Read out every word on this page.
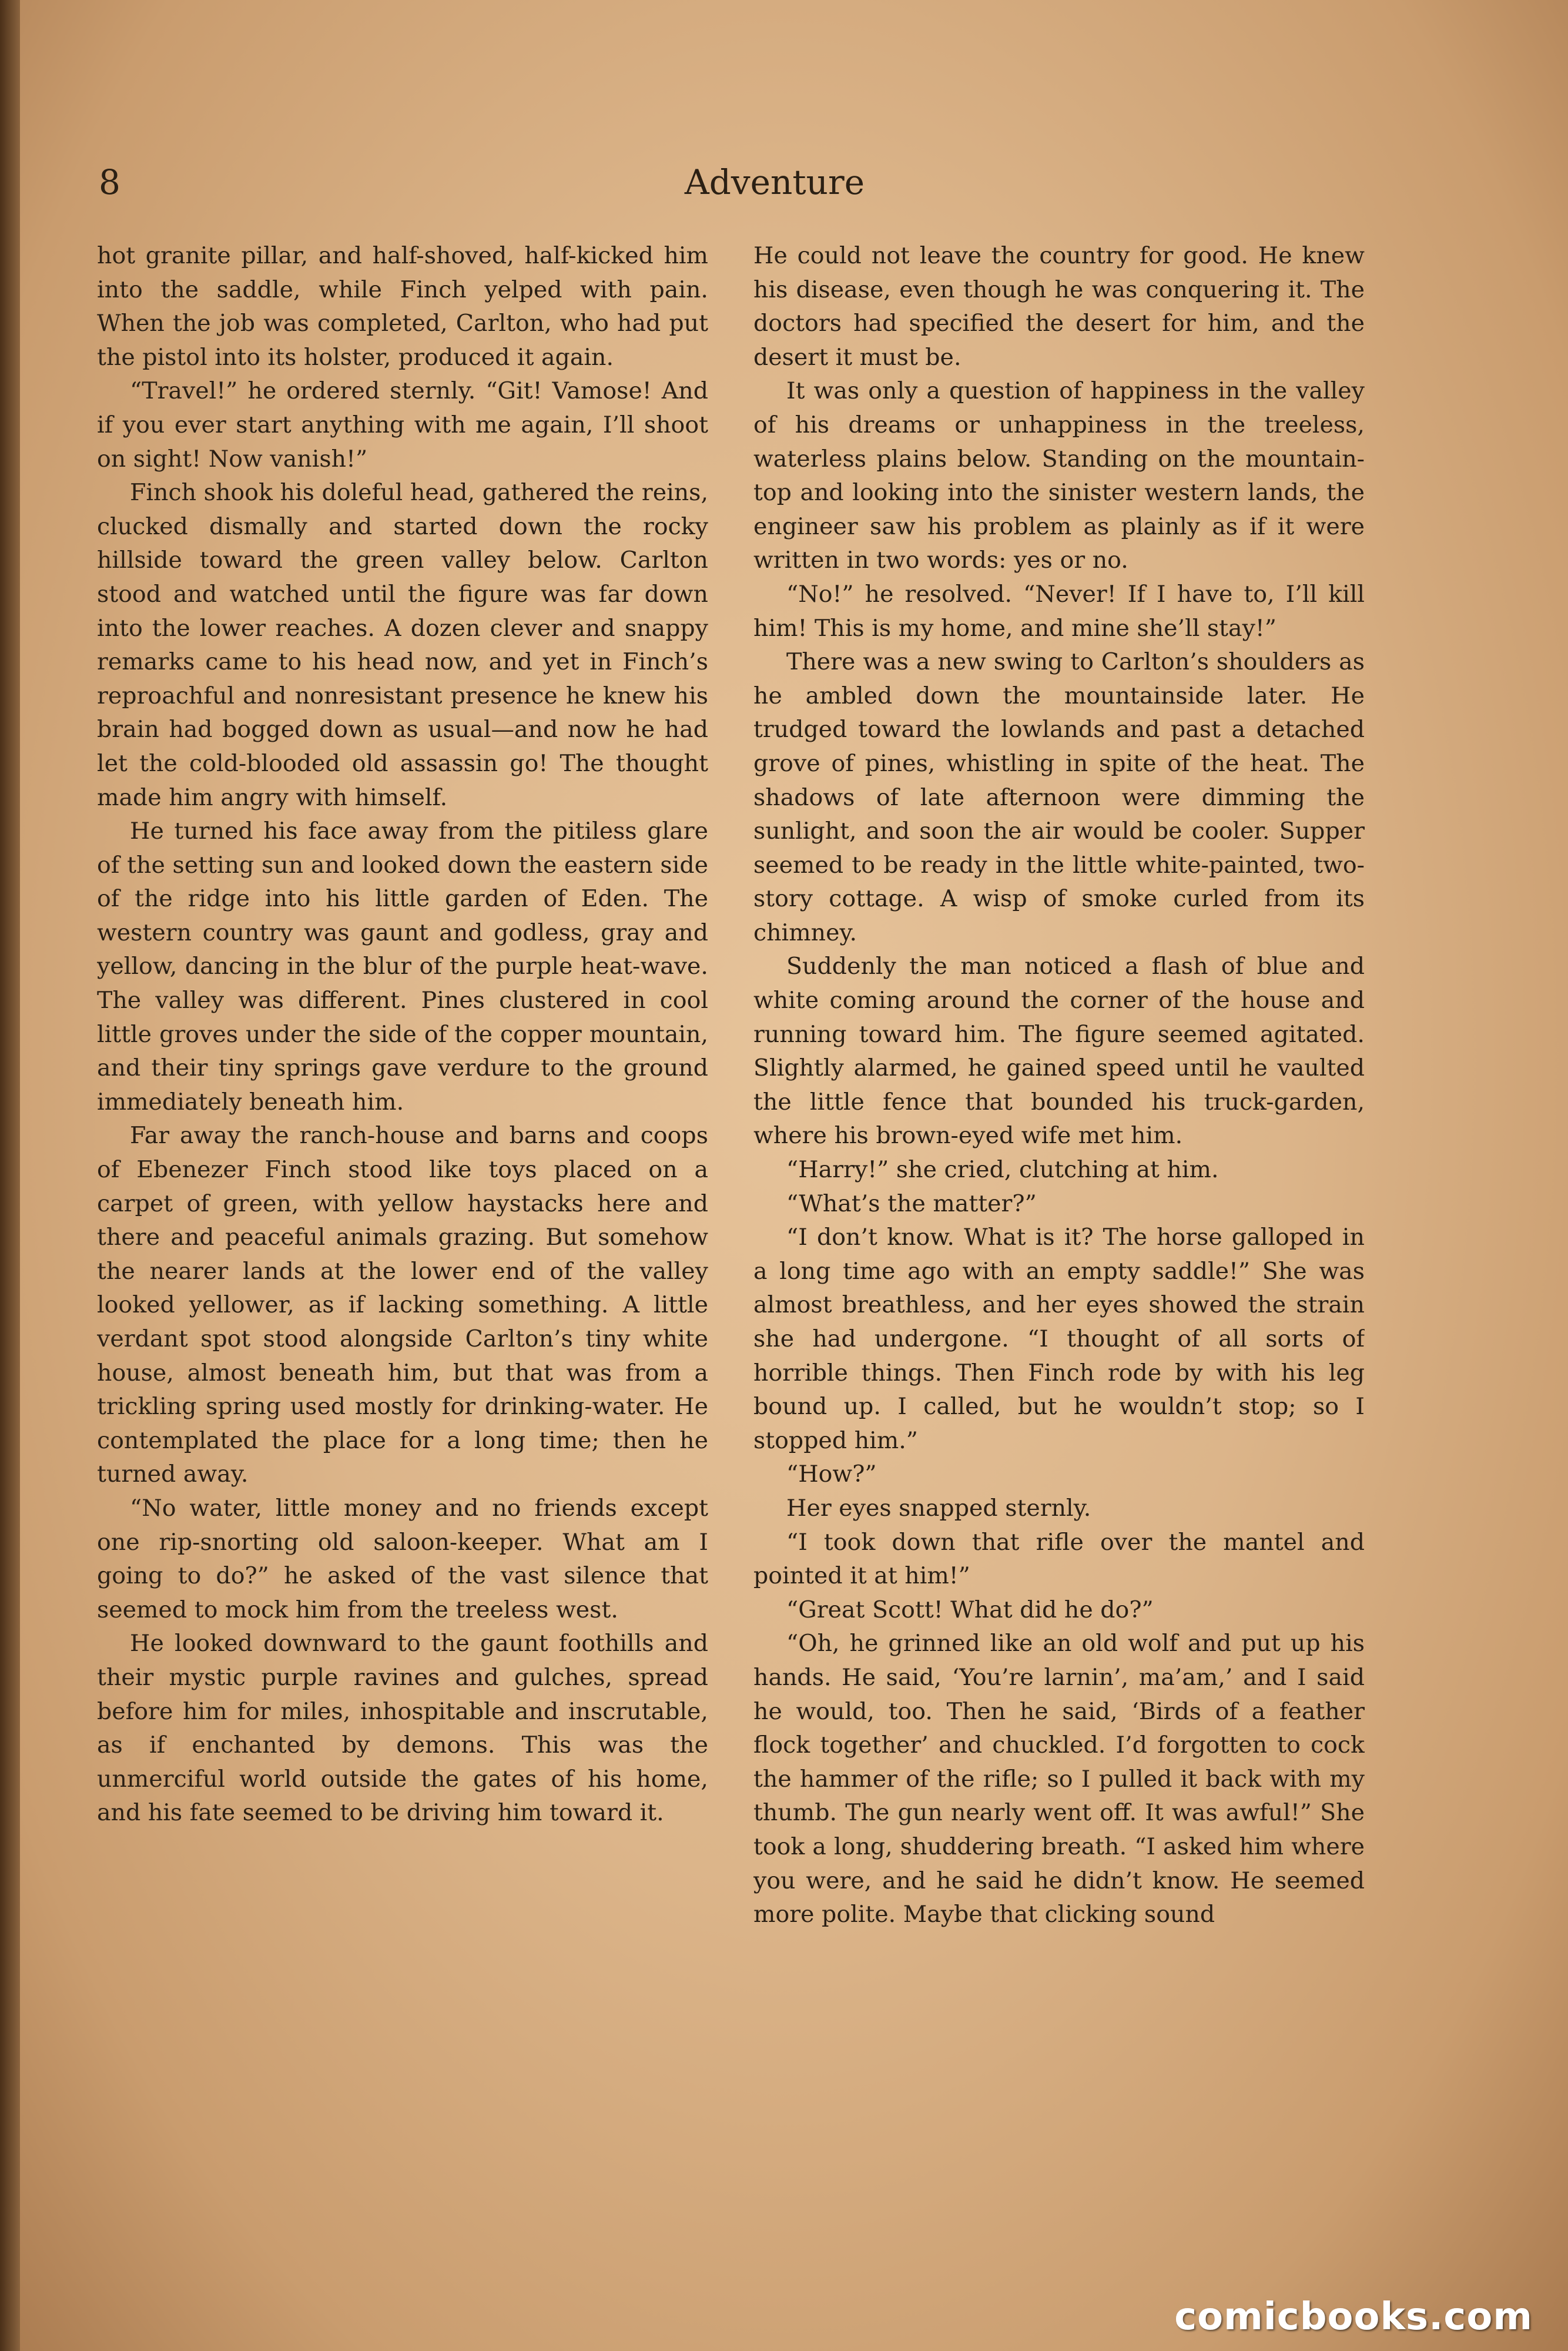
8	Adventure

hot granite pillar, and half-shoved, half-kicked him into the saddle, while Finch yelped with pain. When the job was completed, Carlton, who had put the pistol into its holster, produced it again.

“Travel!” he ordered sternly. “Git! Vamose! And if you ever start anything with me again, I’ll shoot on sight! Now vanish!”

Finch shook his doleful head, gathered the reins, clucked dismally and started down the rocky hillside toward the green valley below. Carlton stood and watched until the figure was far down into the lower reaches. A dozen clever and snappy remarks came to his head now, and yet in Finch’s reproachful and nonresistant presence he knew his brain had bogged down as usual—and now he had let the cold-blooded old assassin go! The thought made him angry with himself.

He turned his face away from the pitiless glare of the setting sun and looked down the eastern side of the ridge into his little garden of Eden. The western country was gaunt and godless, gray and yellow, dancing in the blur of the purple heat-wave. The valley was different. Pines clustered in cool little groves under the side of the copper mountain, and their tiny springs gave verdure to the ground immediately beneath him.

Far away the ranch-house and barns and coops of Ebenezer Finch stood like toys placed on a carpet of green, with yellow haystacks here and there and peaceful animals grazing. But somehow the nearer lands at the lower end of the valley looked yellower, as if lacking something. A little verdant spot stood alongside Carlton’s tiny white house, almost beneath him, but that was from a trickling spring used mostly for drinking-water. He contemplated the place for a long time; then he turned away.

“No water, little money and no friends except one rip-snorting old saloon-keeper. What am I going to do?” he asked of the vast silence that seemed to mock him from the treeless west.

He looked downward to the gaunt foothills and their mystic purple ravines and gulches, spread before him for miles, inhospitable and inscrutable, as if enchanted by demons. This was the unmerciful world outside the gates of his home, and his fate seemed to be driving him toward it.

He could not leave the country for good. He knew his disease, even though he was conquering it. The doctors had specified the desert for him, and the desert it must be.

It was only a question of happiness in the valley of his dreams or unhappiness in the treeless, waterless plains below. Standing on the mountain-top and looking into the sinister western lands, the engineer saw his problem as plainly as if it were written in two words: yes or no.

“No!” he resolved. “Never! If I have to, I’ll kill him! This is my home, and mine she’ll stay!”

There was a new swing to Carlton’s shoulders as he ambled down the mountainside later. He trudged toward the lowlands and past a detached grove of pines, whistling in spite of the heat. The shadows of late afternoon were dimming the sunlight, and soon the air would be cooler. Supper seemed to be ready in the little white-painted, two-story cottage. A wisp of smoke curled from its chimney.

Suddenly the man noticed a flash of blue and white coming around the corner of the house and running toward him. The figure seemed agitated. Slightly alarmed, he gained speed until he vaulted the little fence that bounded his truck-garden, where his brown-eyed wife met him.

“Harry!” she cried, clutching at him.

“What’s the matter?”

“I don’t know. What is it? The horse galloped in a long time ago with an empty saddle!” She was almost breathless, and her eyes showed the strain she had undergone. “I thought of all sorts of horrible things. Then Finch rode by with his leg bound up. I called, but he wouldn’t stop; so I stopped him.”

“How?”

Her eyes snapped sternly.

“I took down that rifle over the mantel and pointed it at him!”

“Great Scott! What did he do?”

“Oh, he grinned like an old wolf and put up his hands. He said, ‘You’re larnin’, ma’am,’ and I said he would, too. Then he said, ‘Birds of a feather flock together’ and chuckled. I’d forgotten to cock the hammer of the rifle; so I pulled it back with my thumb. The gun nearly went off. It was awful!” She took a long, shuddering breath. “I asked him where you were, and he said he didn’t know. He seemed more polite. Maybe that clicking sound

comicbooks.com
